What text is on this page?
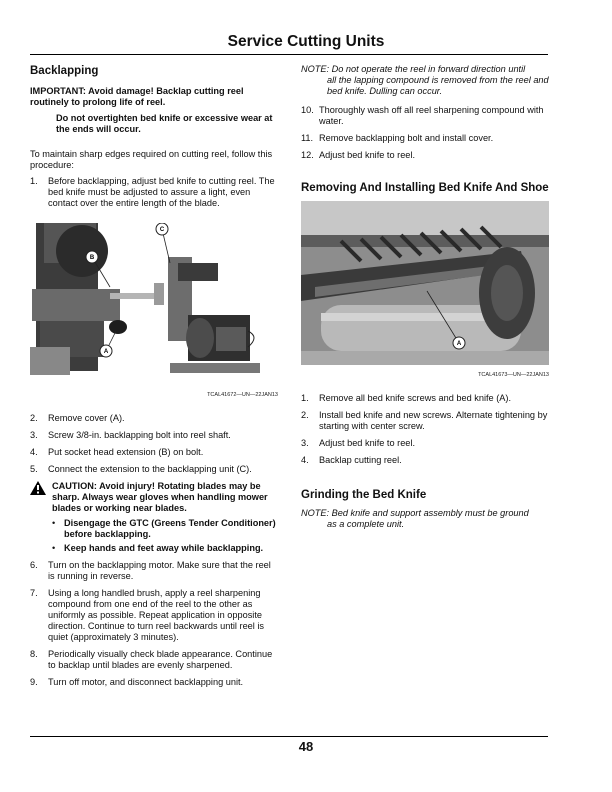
Service Cutting Units
Backlapping

IMPORTANT: Avoid damage! Backlap cutting reel routinely to prolong life of reel.

Do not overtighten bed knife or excessive wear at the ends will occur.

To maintain sharp edges required on cutting reel, follow this procedure:

1. Before backlapping, adjust bed knife to cutting reel. The bed knife must be adjusted to assure a light, even contact over the entire length of the blade.
B
C
A
TCAL41672—UN—22JAN13
2. Remove cover (A).
3. Screw 3/8-in. backlapping bolt into reel shaft.
4. Put socket head extension (B) on bolt.
5. Connect the extension to the backlapping unit (C).
CAUTION: Avoid injury! Rotating blades may be sharp. Always wear gloves when handling mower blades or working near blades.
• Disengage the GTC (Greens Tender Conditioner) before backlapping.
• Keep hands and feet away while backlapping.
6. Turn on the backlapping motor. Make sure that the reel is running in reverse.
7. Using a long handled brush, apply a reel sharpening compound from one end of the reel to the other as uniformly as possible. Repeat application in opposite direction. Continue to turn reel backwards until reel is quiet (approximately 3 minutes).
8. Periodically visually check blade appearance. Continue to backlap until blades are evenly sharpened.
9. Turn off motor, and disconnect backlapping unit.

NOTE: Do not operate the reel in forward direction until
all the lapping compound is removed from the reel and bed knife. Dulling can occur.

10. Thoroughly wash off all reel sharpening compound with water.
11. Remove backlapping bolt and install cover.
12. Adjust bed knife to reel.
Removing And Installing Bed Knife And Shoe
A
TCAL41673—UN—22JAN13
1. Remove all bed knife screws and bed knife (A).
2. Install bed knife and new screws. Alternate tightening by starting with center screw.
3. Adjust bed knife to reel.
4. Backlap cutting reel.
Grinding the Bed Knife

NOTE: Bed knife and support assembly must be ground
as a complete unit.

48
